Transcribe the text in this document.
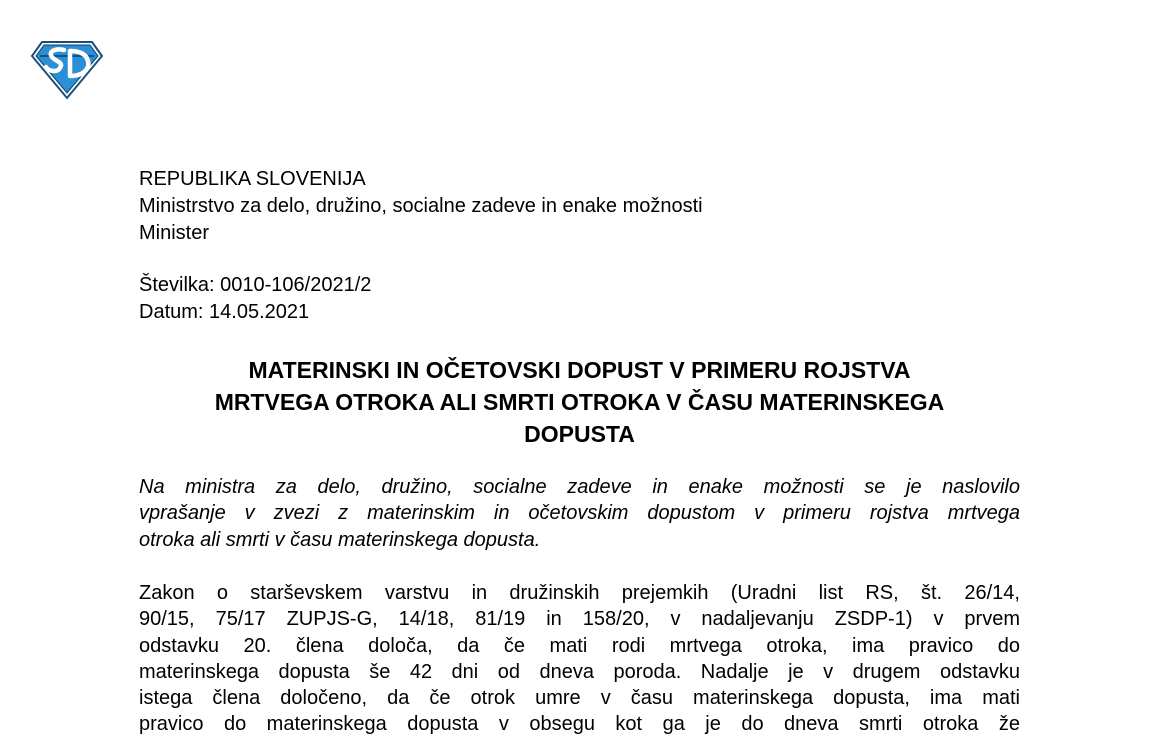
REPUBLIKA SLOVENIJA
Ministrstvo za delo, družino, socialne zadeve in enake možnosti
Minister
Številka: 0010-106/2021/2
Datum: 14.05.2021
MATERINSKI IN OČETOVSKI DOPUST V PRIMERU ROJSTVA
MRTVEGA OTROKA ALI SMRTI OTROKA V ČASU MATERINSKEGA
DOPUSTA
Na ministra za delo, družino, socialne zadeve in enake možnosti se je naslovilo
vprašanje v zvezi z materinskim in očetovskim dopustom v primeru rojstva mrtvega
otroka ali smrti v času materinskega dopusta.
Zakon o starševskem varstvu in družinskih prejemkih (Uradni list RS, št. 26/14,
90/15, 75/17 ZUPJS-G, 14/18, 81/19 in 158/20, v nadaljevanju ZSDP-1) v prvem
odstavku 20. člena določa, da če mati rodi mrtvega otroka, ima pravico do
materinskega dopusta še 42 dni od dneva poroda. Nadalje je v drugem odstavku
istega člena določeno, da če otrok umre v času materinskega dopusta, ima mati
pravico do materinskega dopusta v obsegu kot ga je do dneva smrti otroka že
